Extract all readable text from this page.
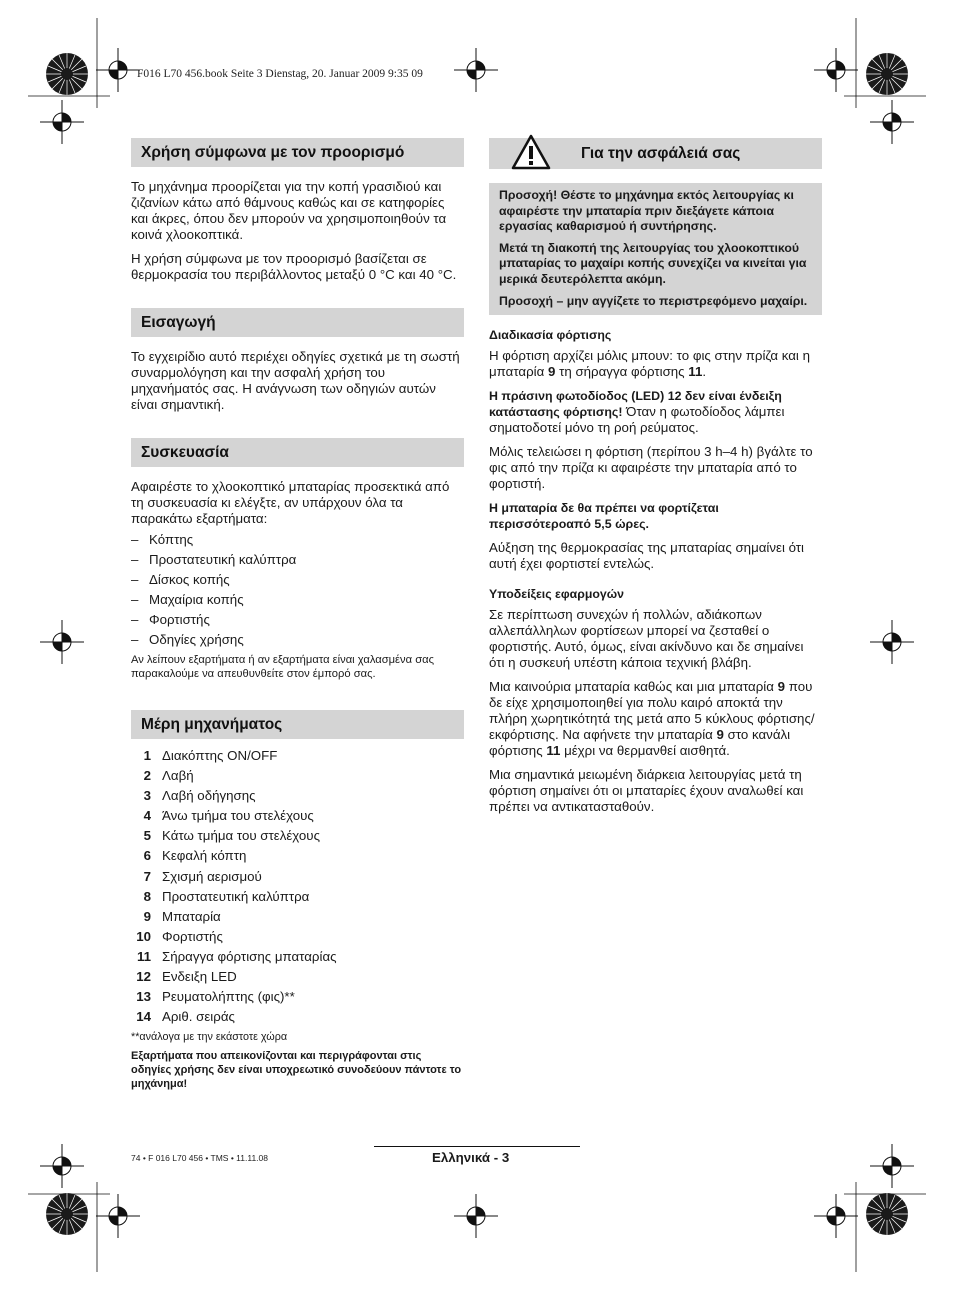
F016 L70 456.book Seite 3 Dienstag, 20. Januar 2009 9:35 09
Χρήση σύμφωνα με τον προορισμό

Το μηχάνημα προορίζεται για την κοπή γρασιδιού και ζιζανίων κάτω από θάμνους καθώς και σε κατηφορίες και άκρες, όπου δεν μπορούν να χρησιμοποιηθούν τα κοινά χλοοκοπτικά.

Η χρήση σύμφωνα με τον προορισμό βασίζεται σε θερμοκρασία του περιβάλλοντος μεταξύ 0 °C και 40 °C.

Εισαγωγή

Το εγχειρίδιο αυτό περιέχει οδηγίες σχετικά με τη σωστή συναρμολόγηση και την ασφαλή χρήση του μηχανήματός σας. Η ανάγνωση των οδηγιών αυτών είναι σημαντική.

Συσκευασία

Αφαιρέστε το χλοοκοπτικό μπαταρίας προσεκτικά από τη συσκευασία κι ελέγξτε, αν υπάρχουν όλα τα παρακάτω εξαρτήματα:

– Κόπτης
– Προστατευτική καλύπτρα
– Δίσκος κοπής
– Μαχαίρια κοπής
– Φορτιστής
– Οδηγίες χρήσης

Αν λείπουν εξαρτήματα ή αν εξαρτήματα είναι χαλασμένα σας παρακαλούμε να απευθυνθείτε στον έμπορό σας.

Μέρη μηχανήματος
1 Διακόπτης ON/OFF
2 Λαβή
3 Λαβή οδήγησης
4 Άνω τμήμα του στελέχους
5 Κάτω τμήμα του στελέχους
6 Κεφαλή κόπτη
7 Σχισμή αερισμού
8 Προστατευτική καλύπτρα
9 Μπαταρία
10 Φορτιστής
11 Σήραγγα φόρτισης μπαταρίας
12 Ενδειξη LED
13 Ρευματολήπτης (φις)**
14 Αριθ. σειράς

**ανάλογα με την εκάστοτε χώρα

Εξαρτήματα που απεικονίζονται και περιγράφονται στις οδηγίες χρήσης δεν είναι υποχρεωτικό συνοδεύουν πάντοτε το μηχάνημα!

Για την ασφάλειά σας

Προσοχή! Θέστε το μηχάνημα εκτός λειτουργίας κι αφαιρέστε την μπαταρία πριν διεξάγετε κάποια εργασίας καθαρισμού ή συντήρησης.

Μετά τη διακοπή της λειτουργίας του χλοοκοπτικού μπαταρίας το μαχαίρι κοπής συνεχίζει να κινείται για μερικά δευτερόλεπτα ακόμη.

Προσοχή – μην αγγίζετε το περιστρεφόμενο μαχαίρι.

Διαδικασία φόρτισης

Η φόρτιση αρχίζει μόλις μπουν: το φις στην πρίζα και η μπαταρία 9 τη σήραγγα φόρτισης 11.

Η πράσινη φωτοδίοδος (LED) 12 δεν είναι ένδειξη κατάστασης φόρτισης! Όταν η φωτοδίοδος λάμπει σηματοδοτεί μόνο τη ροή ρεύματος.

Μόλις τελειώσει η φόρτιση (περίπου 3 h–4 h) βγάλτε το φις από την πρίζα κι αφαιρέστε την μπαταρία από το φορτιστή.

Η μπαταρία δε θα πρέπει να φορτίζεται περισσότεροαπό 5,5 ώρες.

Αύξηση της θερμοκρασίας της μπαταρίας σημαίνει ότι αυτή έχει φορτιστεί εντελώς.

Υποδείξεις εφαρμογών

Σε περίπτωση συνεχών ή πολλών, αδιάκοπων αλλεπάλληλων φορτίσεων μπορεί να ζεσταθεί ο φορτιστής. Αυτό, όμως, είναι ακίνδυνο και δε σημαίνει ότι η συσκευή υπέστη κάποια τεχνική βλάβη.

Μια καινούρια μπαταρία καθώς και μια μπαταρία 9 που δε είχε χρησιμοποιηθεί για πολυ καιρό αποκτά την πλήρη χωρητικότητά της μετά απο 5 κύκλους φόρτισης/εκφόρτισης. Να αφήνετε την μπαταρία 9 στο κανάλι φόρτισης 11 μέχρι να θερμανθεί αισθητά.

Μια σημαντικά μειωμένη διάρκεια λειτουργίας μετά τη φόρτιση σημαίνει ότι οι μπαταρίες έχουν αναλωθεί και πρέπει να αντικατασταθούν.

74 • F 016 L70 456 • TMS • 11.11.08	Ελληνικά - 3
